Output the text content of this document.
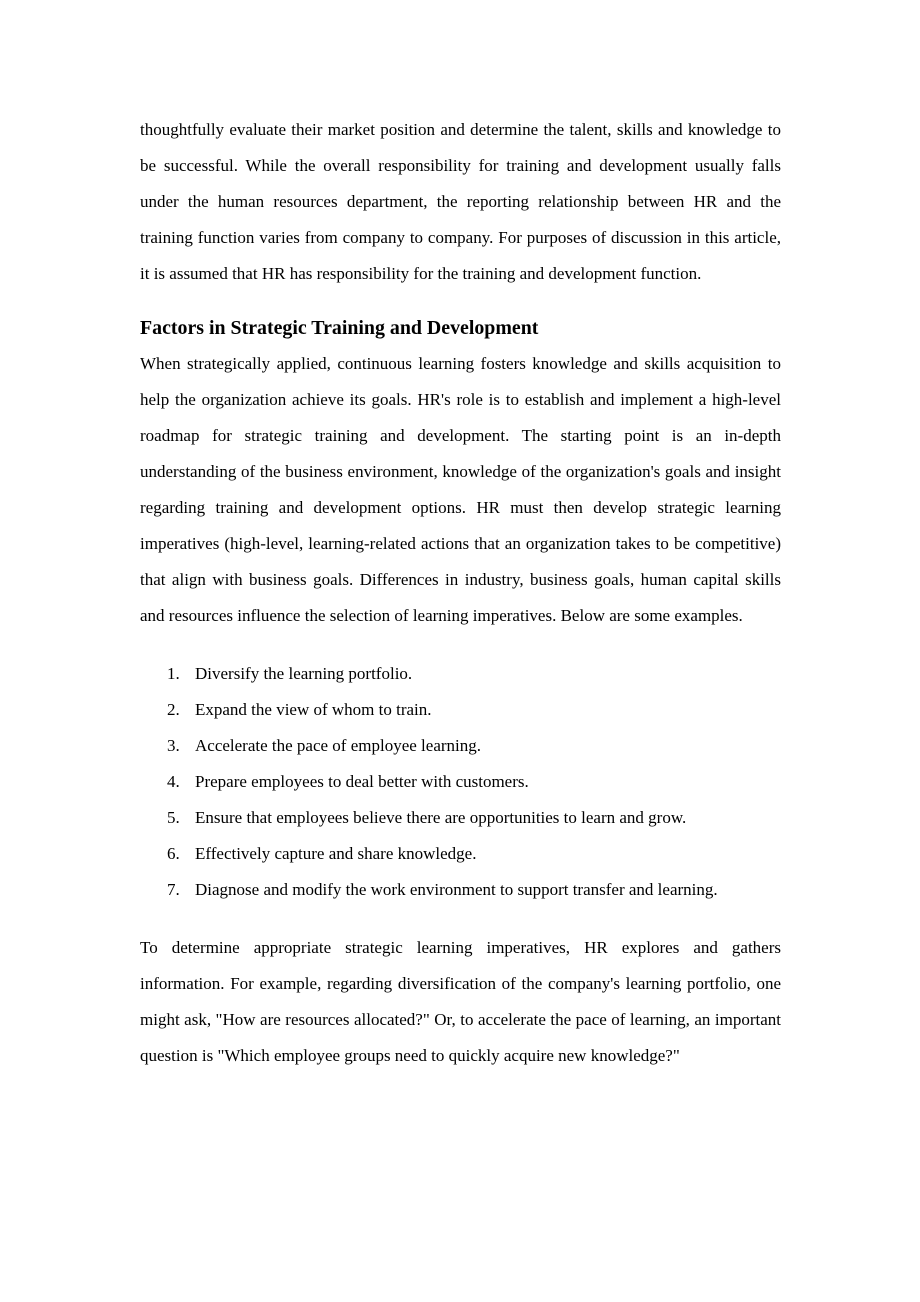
thoughtfully evaluate their market position and determine the talent, skills and knowledge to be successful. While the overall responsibility for training and development usually falls under the human resources department, the reporting relationship between HR and the training function varies from company to company. For purposes of discussion in this article, it is assumed that HR has responsibility for the training and development function.

Factors in Strategic Training and Development

When strategically applied, continuous learning fosters knowledge and skills acquisition to help the organization achieve its goals. HR's role is to establish and implement a high-level roadmap for strategic training and development. The starting point is an in-depth understanding of the business environment, knowledge of the organization's goals and insight regarding training and development options. HR must then develop strategic learning imperatives (high-level, learning-related actions that an organization takes to be competitive) that align with business goals. Differences in industry, business goals, human capital skills and resources influence the selection of learning imperatives. Below are some examples.

1. Diversify the learning portfolio.
2. Expand the view of whom to train.
3. Accelerate the pace of employee learning.
4. Prepare employees to deal better with customers.
5. Ensure that employees believe there are opportunities to learn and grow.
6. Effectively capture and share knowledge.
7. Diagnose and modify the work environment to support transfer and learning.

To determine appropriate strategic learning imperatives, HR explores and gathers information. For example, regarding diversification of the company's learning portfolio, one might ask, "How are resources allocated?" Or, to accelerate the pace of learning, an important question is "Which employee groups need to quickly acquire new knowledge?"
